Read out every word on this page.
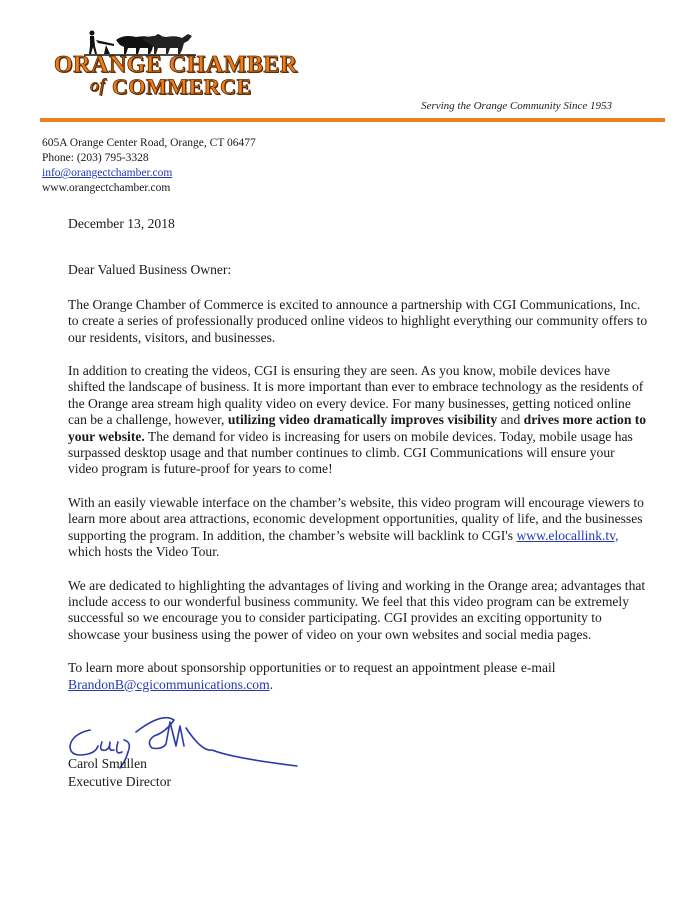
ORANGE CHAMBER
of COMMERCE
Serving the Orange Community Since 1953
605A Orange Center Road, Orange, CT 06477
Phone: (203) 795-3328
info@orangectchamber.com
www.orangectchamber.com

December 13, 2018

Dear Valued Business Owner:

The Orange Chamber of Commerce is excited to announce a partnership with CGI Communications, Inc. to create a series of professionally produced online videos to highlight everything our community offers to our residents, visitors, and businesses.

In addition to creating the videos, CGI is ensuring they are seen. As you know, mobile devices have shifted the landscape of business. It is more important than ever to embrace technology as the residents of the Orange area stream high quality video on every device. For many businesses, getting noticed online can be a challenge, however, utilizing video dramatically improves visibility and drives more action to your website. The demand for video is increasing for users on mobile devices. Today, mobile usage has surpassed desktop usage and that number continues to climb. CGI Communications will ensure your video program is future-proof for years to come!

With an easily viewable interface on the chamber’s website, this video program will encourage viewers to learn more about area attractions, economic development opportunities, quality of life, and the businesses supporting the program. In addition, the chamber’s website will backlink to CGI's www.elocallink.tv, which hosts the Video Tour.

We are dedicated to highlighting the advantages of living and working in the Orange area; advantages that include access to our wonderful business community. We feel that this video program can be extremely successful so we encourage you to consider participating. CGI provides an exciting opportunity to showcase your business using the power of video on your own websites and social media pages.

To learn more about sponsorship opportunities or to request an appointment please e-mail BrandonB@cgicommunications.com.

Carol Smullen
Executive Director
